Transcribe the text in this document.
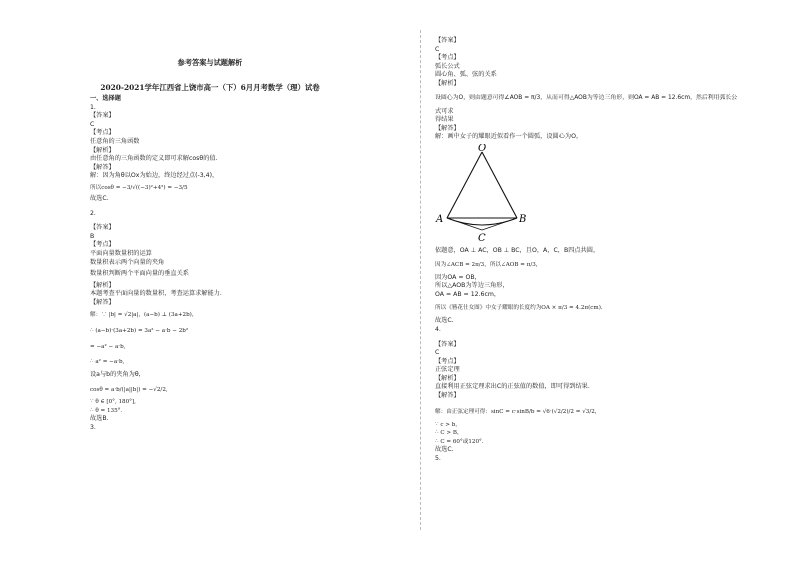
参考答案与试题解析
2020-2021学年江西省上饶市高一（下）6月月考数学（理）试卷
一、选择题
1.
【答案】
C
【考点】
任意角的三角函数
【解析】
由任意角的三角函数的定义即可求解cosθ的值.
【解答】
解：因为角θ以Ox为始边，终边经过点(-3,4)，
所以cosθ = −3/√((−3)²+4²) = −3/5
故选C.
2.
【答案】
B
【考点】
平面向量数量积的运算
数量积表示两个向量的夹角
数量积判断两个平面向量的垂直关系
【解析】
本题考查平面向量的数量积，考查运算求解能力.
【解答】
解：∵ |b| = √2|a|，(a−b) ⊥ (3a+2b)，
∴ (a−b)·(3a+2b) = 3a² − a·b − 2b²
= −a² − a·b,
∴ a² = −a·b,
设a与b的夹角为θ,
cosθ = a·b/(|a||b|) = −√2/2,
∵ θ ∈ [0°, 180°],
∴ θ = 135°.
故选B.
3.
【答案】
C
【考点】
弧长公式
圆心角、弧、弦的关系
【解析】
设圆心为O，则由题意可得∠AOB = π/3，从而可得△AOB为等边三角形，则OA = AB = 12.6cm，然后利用弧长公
式可求
得结果
【解答】
解：画中女子的耀眼近似看作一个圆弧，设圆心为O，
O
A	B
C
依题意，OA ⊥ AC，OB ⊥ BC，且O，A，C，B四点共圆，
因为∠ACB = 2π/3，所以∠AOB = π/3，
因为OA = OB，
所以△AOB为等边三角形，
OA = AB = 12.6cm，
所以《簪花仕女图》中女子耀眼的长度约为OA × π/3 = 4.2π(cm).
故选C.
4.
【答案】
C
【考点】
正弦定理
【解析】
直接利用正弦定理求出C的正弦值的数值，即可得到结果.
【解答】
解：由正弦定理可得：sinC = c·sinB/b = √6·(√2/2)/2 = √3/2，
∵ c > b，
∴ C > B，
∴ C = 60°或120°.
故选C.
5.
